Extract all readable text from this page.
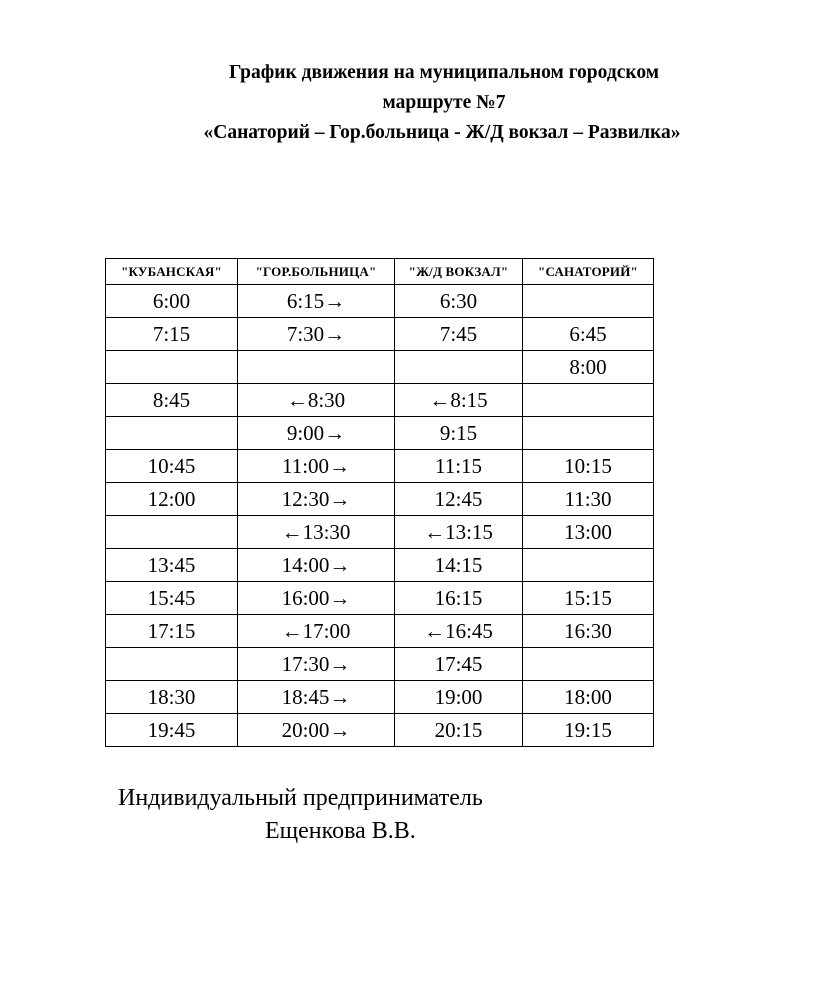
График движения на муниципальном городском
маршруте №7
«Санаторий – Гор.больница - Ж/Д вокзал – Развилка»
"КУБАНСКАЯ"	"ГОР.БОЛЬНИЦА"	"Ж/Д ВОКЗАЛ"	"САНАТОРИЙ"
6:00	6:15→	6:30	
7:15	7:30→	7:45	6:45
			8:00
8:45	←8:30	←8:15	
	9:00→	9:15	
10:45	11:00→	11:15	10:15
12:00	12:30→	12:45	11:30
	←13:30	←13:15	13:00
13:45	14:00→	14:15	
15:45	16:00→	16:15	15:15
17:15	←17:00	←16:45	16:30
	17:30→	17:45	
18:30	18:45→	19:00	18:00
19:45	20:00→	20:15	19:15

Индивидуальный предприниматель

Ещенкова В.В.
